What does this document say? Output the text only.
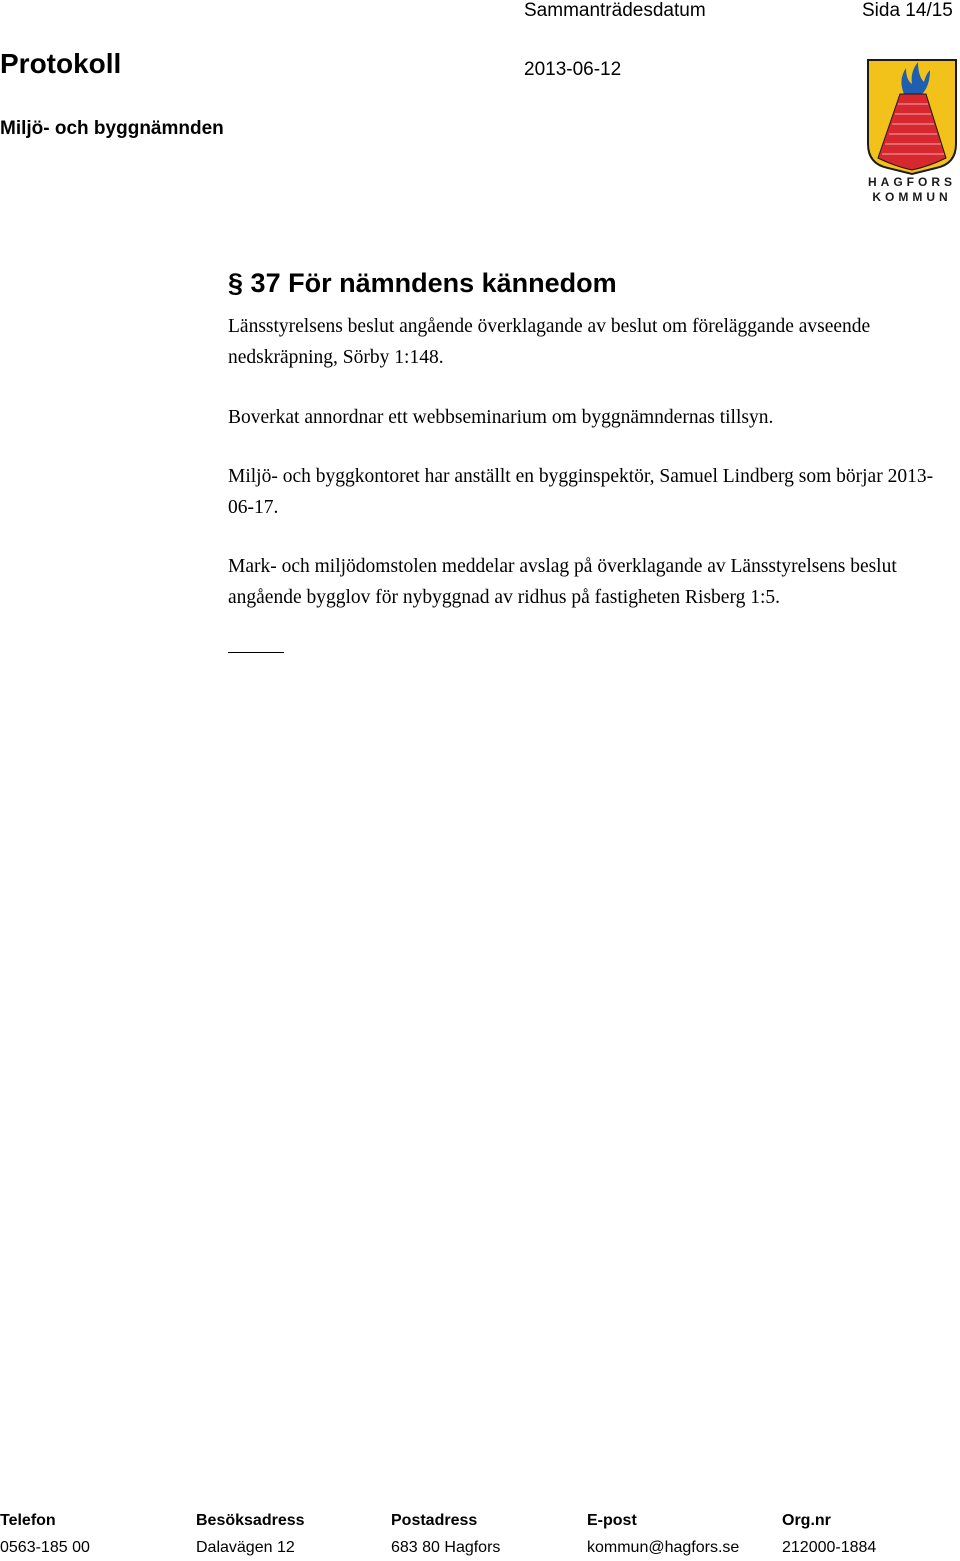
Sammanträdesdatum	Sida 14/15
Protokoll	2013-06-12
Miljö- och byggnämnden
HAGFORS
KOMMUN
§ 37 För nämndens kännedom
Länsstyrelsens beslut angående överklagande av beslut om föreläggande avseende nedskräpning, Sörby 1:148.
Boverkat annordnar ett webbseminarium om byggnämndernas tillsyn.
Miljö- och byggkontoret har anställt en bygginspektör, Samuel Lindberg som börjar 2013-06-17.
Mark- och miljödomstolen meddelar avslag på överklagande av Länsstyrelsens beslut angående bygglov för nybyggnad av ridhus på fastigheten Risberg 1:5.
Telefon	Besöksadress	Postadress	E-post	Org.nr
0563-185 00	Dalavägen 12	683 80 Hagfors	kommun@hagfors.se	212000-1884
